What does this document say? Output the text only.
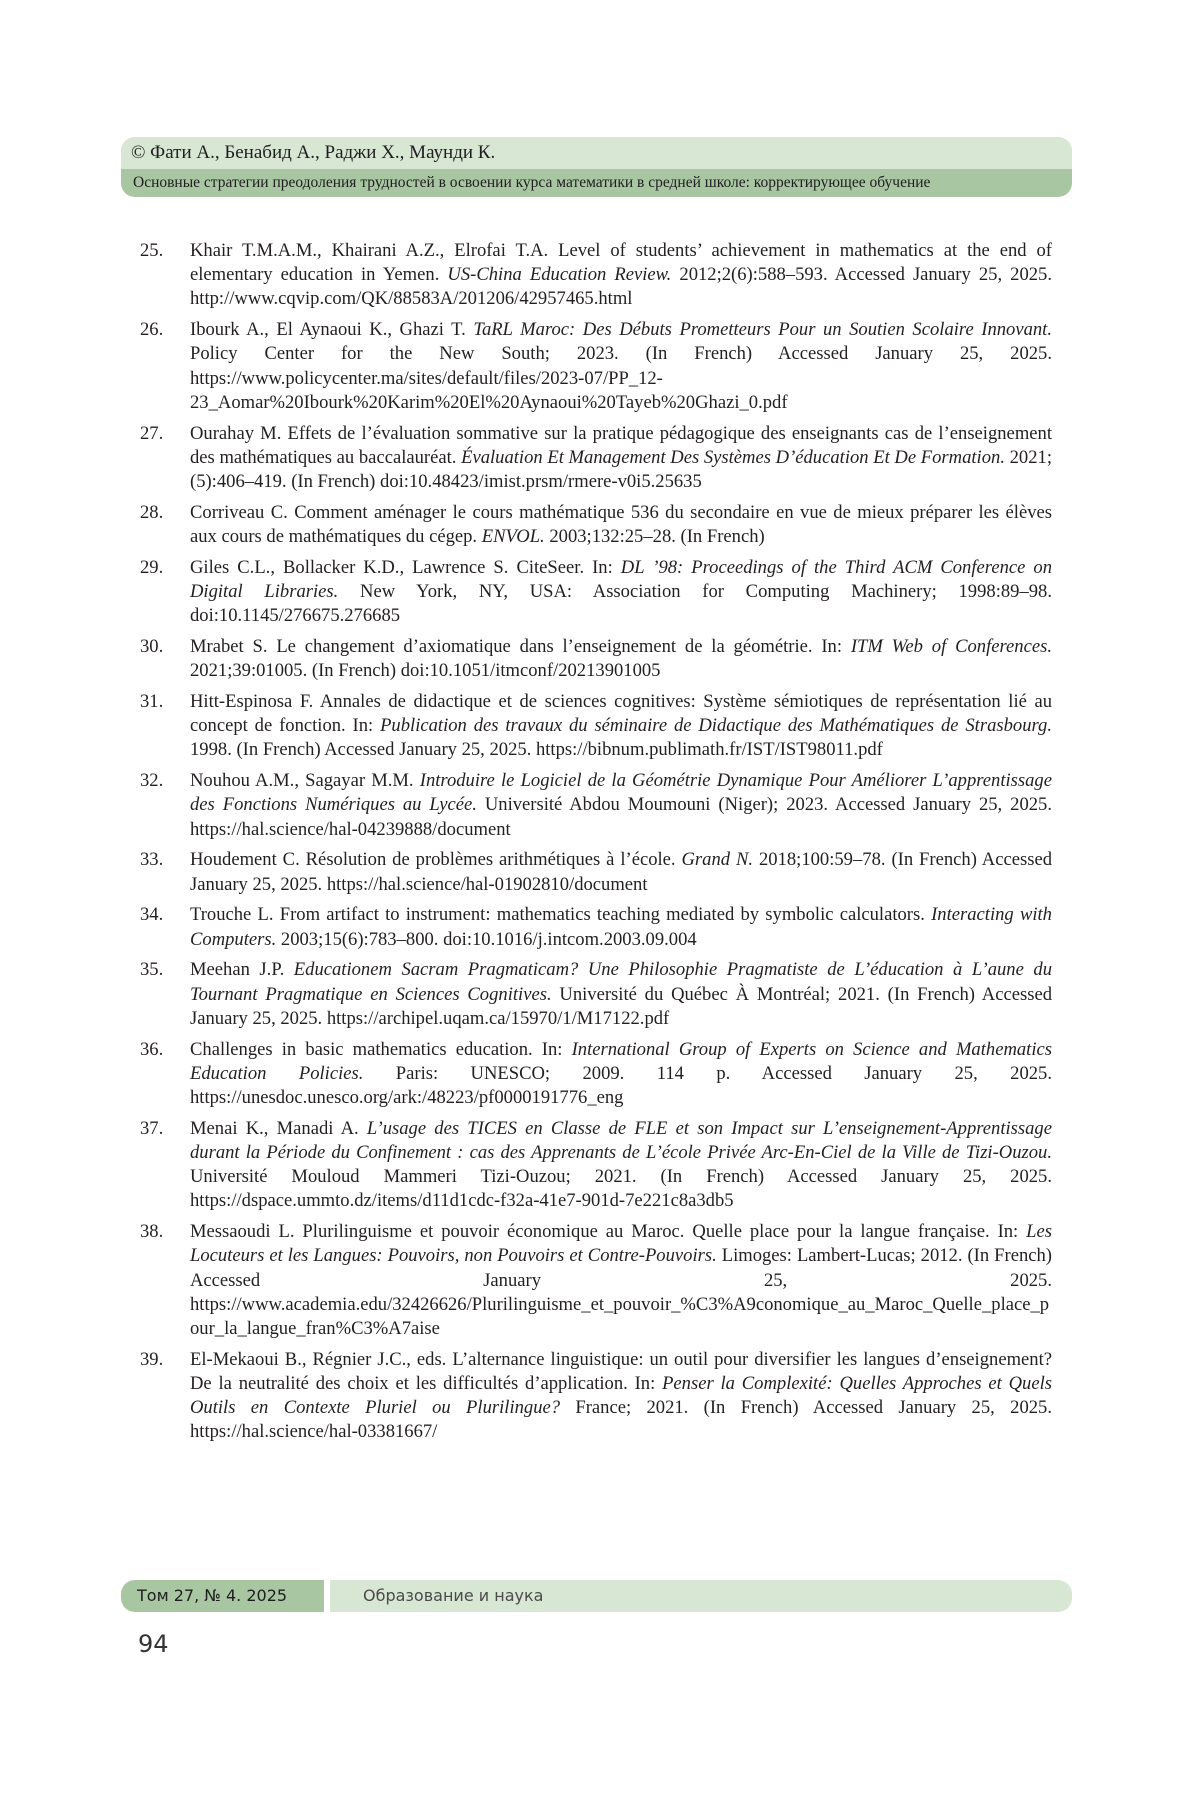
© Фати А., Бенабид А., Раджи Х., Маунди К.
Основные стратегии преодоления трудностей в освоении курса математики в средней школе: корректирующее обучение
25.	Khair T.M.A.M., Khairani A.Z., Elrofai T.A. Level of students’ achievement in mathematics at the end of elementary education in Yemen. US-China Education Review. 2012;2(6):588–593. Accessed January 25, 2025. http://www.cqvip.com/QK/88583A/201206/42957465.html
26.	Ibourk A., El Aynaoui K., Ghazi T. TaRL Maroc: Des Débuts Prometteurs Pour un Soutien Scolaire Innovant. Policy Center for the New South; 2023. (In French) Accessed January 25, 2025. https://www.policycenter.ma/sites/default/files/2023-07/PP_12-23_Aomar%20Ibourk%20Karim%20El%20Aynaoui%20Tayeb%20Ghazi_0.pdf
27.	Ourahay M. Effets de l’évaluation sommative sur la pratique pédagogique des enseignants cas de l’enseignement des mathématiques au baccalauréat. Évaluation Et Management Des Systèmes D’éducation Et De Formation. 2021;(5):406–419. (In French) doi:10.48423/imist.prsm/rmere-v0i5.25635
28.	Corriveau C. Comment aménager le cours mathématique 536 du secondaire en vue de mieux préparer les élèves aux cours de mathématiques du cégep. ENVOL. 2003;132:25–28. (In French)
29.	Giles C.L., Bollacker K.D., Lawrence S. CiteSeer. In: DL ’98: Proceedings of the Third ACM Conference on Digital Libraries. New York, NY, USA: Association for Computing Machinery; 1998:89–98. doi:10.1145/276675.276685
30.	Mrabet S. Le changement d’axiomatique dans l’enseignement de la géométrie. In: ITM Web of Conferences. 2021;39:01005. (In French) doi:10.1051/itmconf/20213901005
31.	Hitt-Espinosa F. Annales de didactique et de sciences cognitives: Système sémiotiques de représentation lié au concept de fonction. In: Publication des travaux du séminaire de Didactique des Mathématiques de Strasbourg. 1998. (In French) Accessed January 25, 2025. https://bibnum.publimath.fr/IST/IST98011.pdf
32.	Nouhou A.M., Sagayar M.M. Introduire le Logiciel de la Géométrie Dynamique Pour Améliorer L’apprentissage des Fonctions Numériques au Lycée. Université Abdou Moumouni (Niger); 2023. Accessed January 25, 2025. https://hal.science/hal-04239888/document
33.	Houdement C. Résolution de problèmes arithmétiques à l’école. Grand N. 2018;100:59–78. (In French) Accessed January 25, 2025. https://hal.science/hal-01902810/document
34.	Trouche L. From artifact to instrument: mathematics teaching mediated by symbolic calculators. Interacting with Computers. 2003;15(6):783–800. doi:10.1016/j.intcom.2003.09.004
35.	Meehan J.P. Educationem Sacram Pragmaticam? Une Philosophie Pragmatiste de L’éducation à L’aune du Tournant Pragmatique en Sciences Cognitives. Université du Québec À Montréal; 2021. (In French) Accessed January 25, 2025. https://archipel.uqam.ca/15970/1/M17122.pdf
36.	Challenges in basic mathematics education. In: International Group of Experts on Science and Mathematics Education Policies. Paris: UNESCO; 2009. 114 p. Accessed January 25, 2025. https://unesdoc.unesco.org/ark:/48223/pf0000191776_eng
37.	Menai K., Manadi A. L’usage des TICES en Classe de FLE et son Impact sur L’enseignement-Apprentissage durant la Période du Confinement : cas des Apprenants de L’école Privée Arc-En-Ciel de la Ville de Tizi-Ouzou. Université Mouloud Mammeri Tizi-Ouzou; 2021. (In French) Accessed January 25, 2025. https://dspace.ummto.dz/items/d11d1cdc-f32a-41e7-901d-7e221c8a3db5
38.	Messaoudi L. Plurilinguisme et pouvoir économique au Maroc. Quelle place pour la langue française. In: Les Locuteurs et les Langues: Pouvoirs, non Pouvoirs et Contre-Pouvoirs. Limoges: Lambert-Lucas; 2012. (In French) Accessed January 25, 2025. https://www.academia.edu/32426626/Plurilinguisme_et_pouvoir_%C3%A9conomique_au_Maroc_Quelle_place_pour_la_langue_fran%C3%A7aise
39.	El-Mekaoui B., Régnier J.C., eds. L’alternance linguistique: un outil pour diversifier les langues d’enseignement? De la neutralité des choix et les difficultés d’application. In: Penser la Complexité: Quelles Approches et Quels Outils en Contexte Pluriel ou Plurilingue? France; 2021. (In French) Accessed January 25, 2025. https://hal.science/hal-03381667/
Том 27, № 4. 2025	Образование и наука
94
